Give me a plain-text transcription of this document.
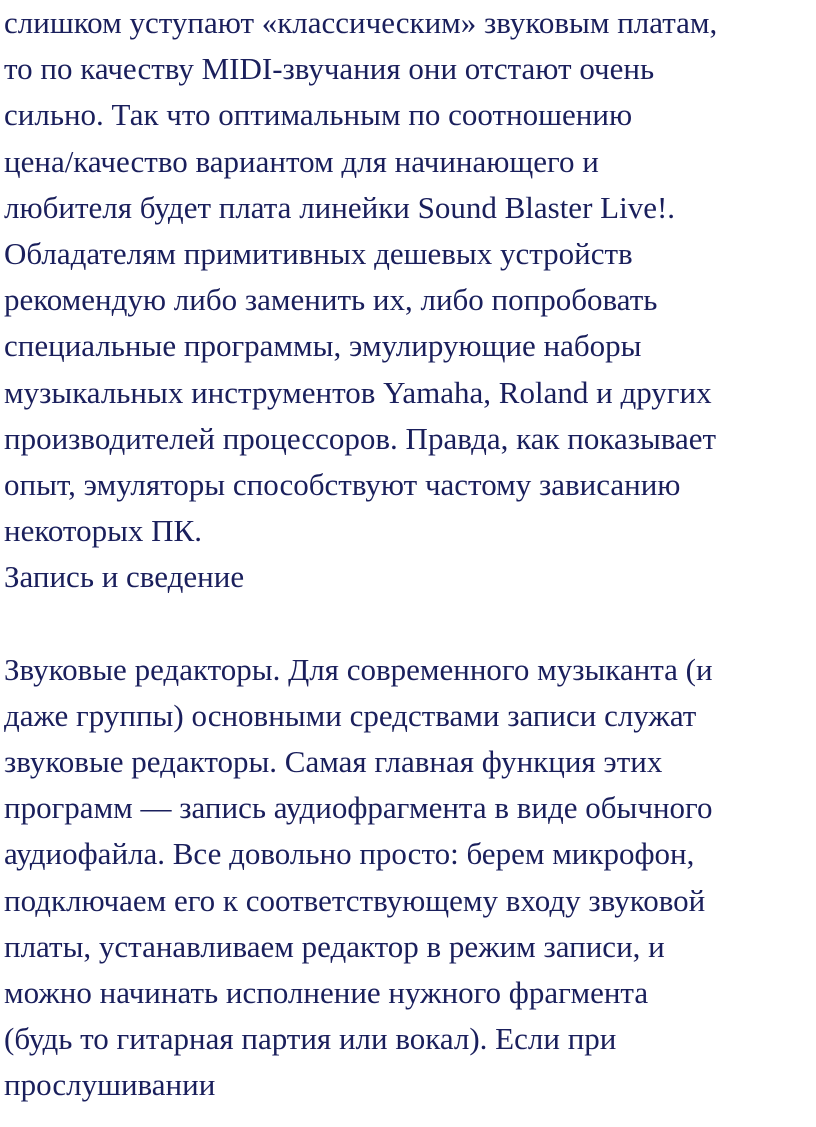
слишком уступают «классическим» звуковым платам,
то по качеству MIDI-звучания они отстают очень
сильно. Так что оптимальным по соотношению
цена/качество вариантом для начинающего и
любителя будет плата линейки Sound Blaster Live!.
Обладателям примитивных дешевых устройств
рекомендую либо заменить их, либо попробовать
специальные программы, эмулирующие наборы
музыкальных инструментов Yamaha, Roland и других
производителей процессоров. Правда, как показывает
опыт, эмуляторы способствуют частому зависанию
некоторых ПК.
Запись и сведение
Звуковые редакторы. Для современного музыканта (и
даже группы) основными средствами записи служат
звуковые редакторы. Самая главная функция этих
программ — запись аудиофрагмента в виде обычного
аудиофайла. Все довольно просто: берем микрофон,
подключаем его к соответствующему входу звуковой
платы, устанавливаем редактор в режим записи, и
можно начинать исполнение нужного фрагмента
(будь то гитарная партия или вокал). Если при
прослушивании
